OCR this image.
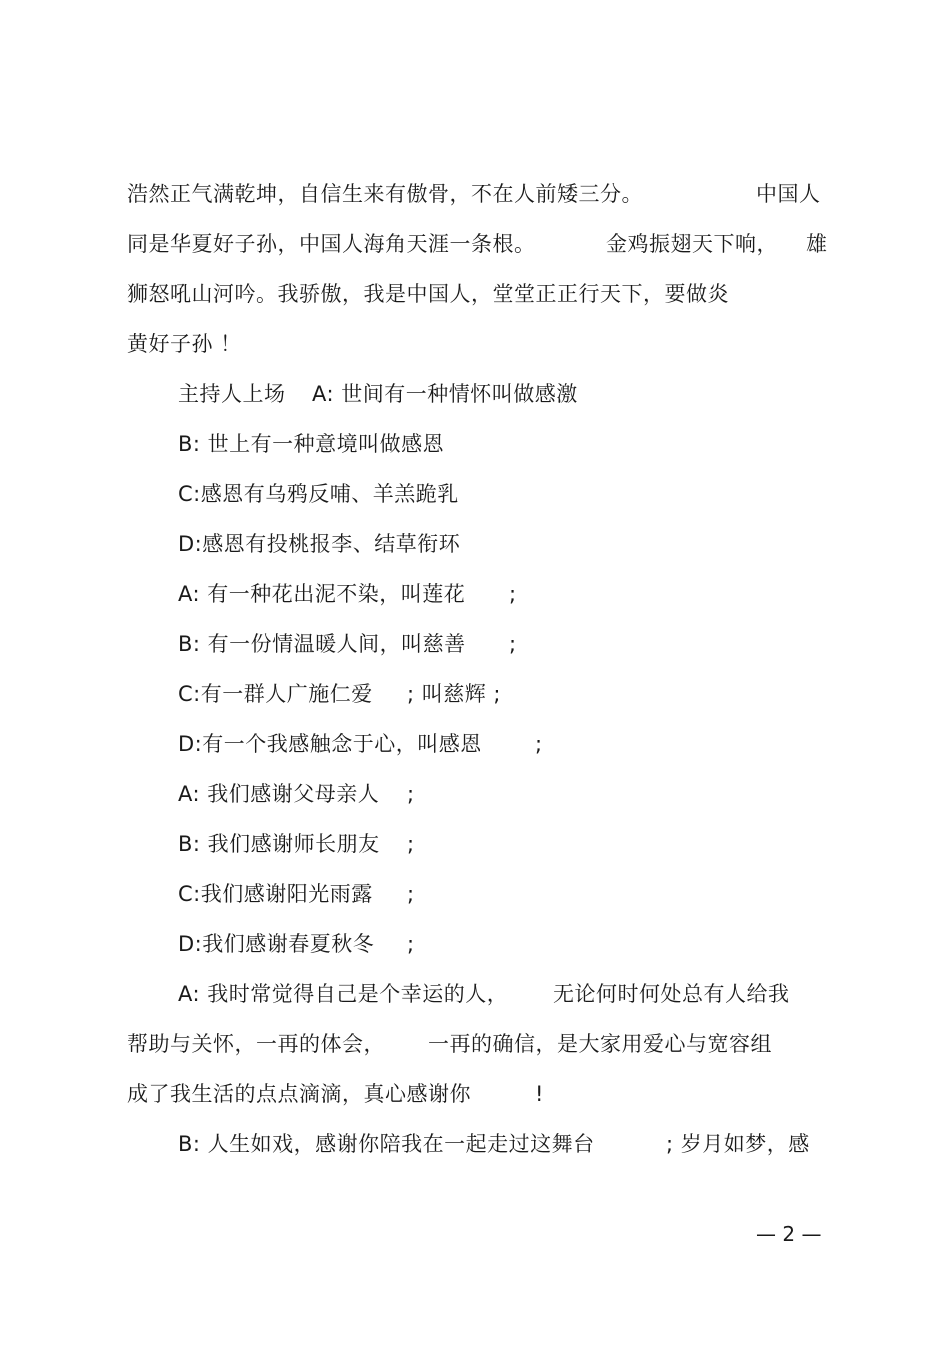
浩然正气满乾坤，自信生来有傲骨，不在人前矮三分。	中国人
同是华夏好子孙，中国人海角天涯一条根。	金鸡振翅天下响， 雄
狮怒吼山河吟。我骄傲，我是中国人，堂堂正正行天下，要做炎
黄好子孙 ！
主持人上场 A: 世间有一种情怀叫做感激
B: 世上有一种意境叫做感恩
C:感恩有乌鸦反哺、羊羔跪乳
D:感恩有投桃报李、结草衔环
A: 有一种花出泥不染，叫莲花 ;
B: 有一份情温暖人间，叫慈善 ;
C:有一群人广施仁爱 ; 叫慈辉 ;
D:有一个我感触念于心，叫感恩	;
A: 我们感谢父母亲人 ;
B: 我们感谢师长朋友 ;
C:我们感谢阳光雨露 ;
D:我们感谢春夏秋冬 ;
A: 我时常觉得自己是个幸运的人， 无论何时何处总有人给我
帮助与关怀，一再的体会， 一再的确信，是大家用爱心与宽容组
成了我生活的点点滴滴，真心感谢你	!
B: 人生如戏，感谢你陪我在一起走过这舞台	; 岁月如梦，感
— 2 —
